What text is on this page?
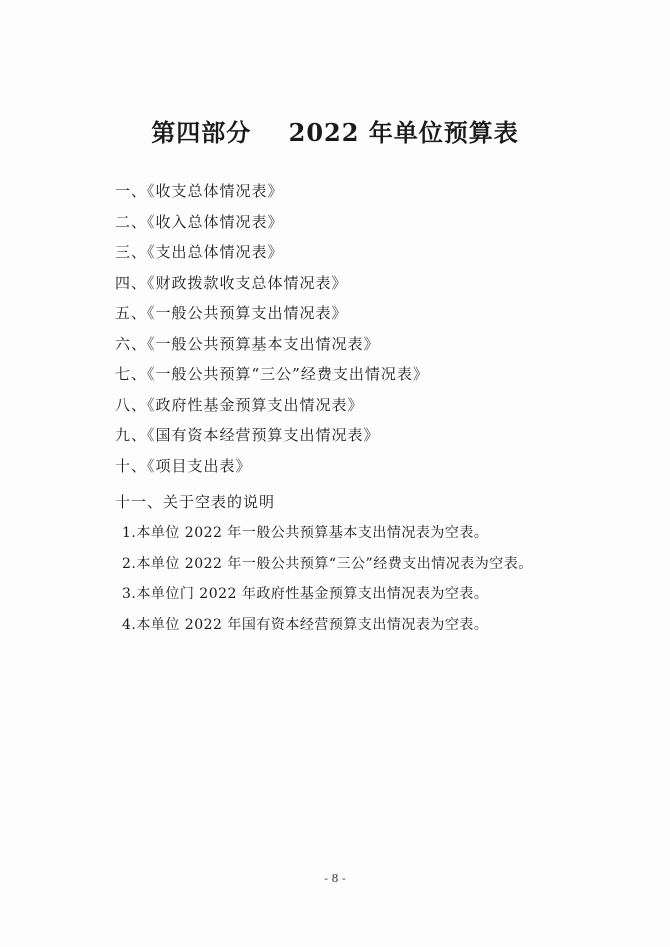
第四部分    2022 年单位预算表
一、《收支总体情况表》
二、《收入总体情况表》
三、《支出总体情况表》
四、《财政拨款收支总体情况表》
五、《一般公共预算支出情况表》
六、《一般公共预算基本支出情况表》
七、《一般公共预算“三公”经费支出情况表》
八、《政府性基金预算支出情况表》
九、《国有资本经营预算支出情况表》
十、《项目支出表》
十一、关于空表的说明
1.本单位 2022 年一般公共预算基本支出情况表为空表。
2.本单位 2022 年一般公共预算“三公”经费支出情况表为空表。
3.本单位门 2022 年政府性基金预算支出情况表为空表。
4.本单位 2022 年国有资本经营预算支出情况表为空表。
- 8 -
